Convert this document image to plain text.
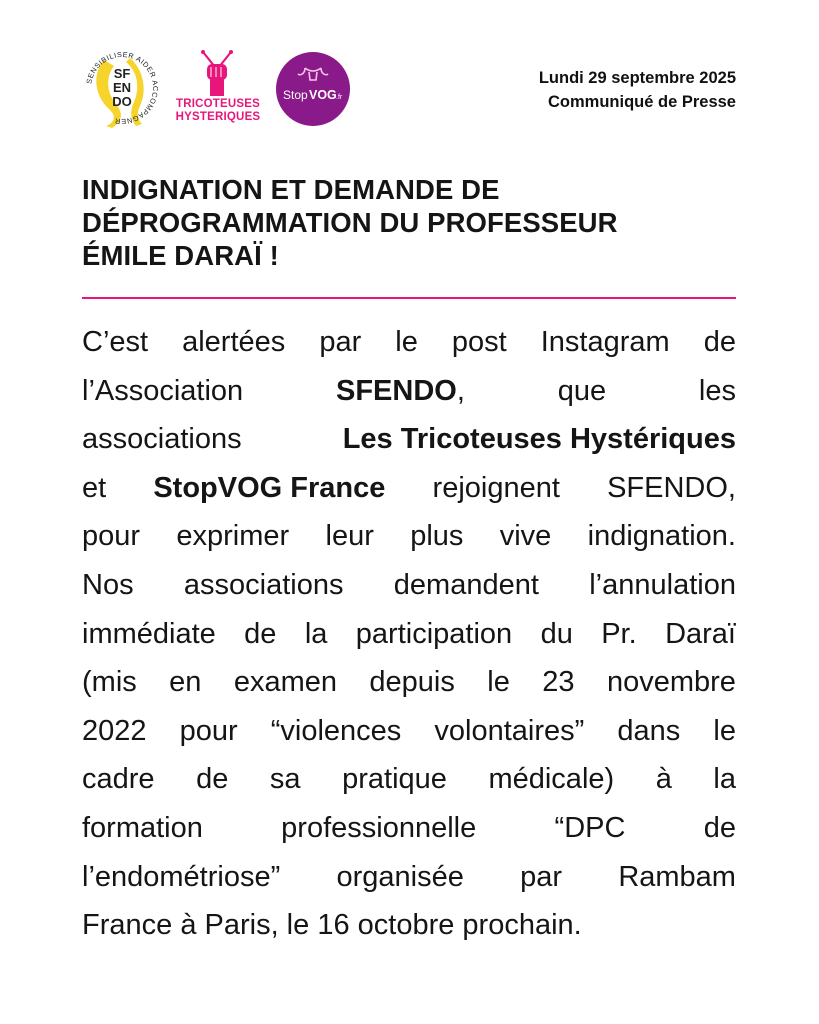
SENSIBILISER AIDER ACCOMPAGNER
SF
EN
DO	TRICOTEUSES
HYSTERIQUES
Stop VOG .fr
Lundi 29 septembre 2025
Communiqué de Presse
INDIGNATION ET DEMANDE DE
DÉPROGRAMMATION DU PROFESSEUR
ÉMILE DARAÏ !
C’est alertées par le post Instagram de
l’Association	SFENDO,	que	les
associations	Les Tricoteuses Hystériques
et StopVOG France rejoignent SFENDO,
pour exprimer leur plus vive indignation.
Nos associations demandent l’annulation
immédiate de la participation du Pr. Daraï
(mis en examen depuis le 23 novembre
2022 pour “violences volontaires” dans le
cadre de sa pratique médicale) à la
formation	professionnelle	“DPC	de
l’endométriose” organisée par Rambam
France à Paris, le 16 octobre prochain.
